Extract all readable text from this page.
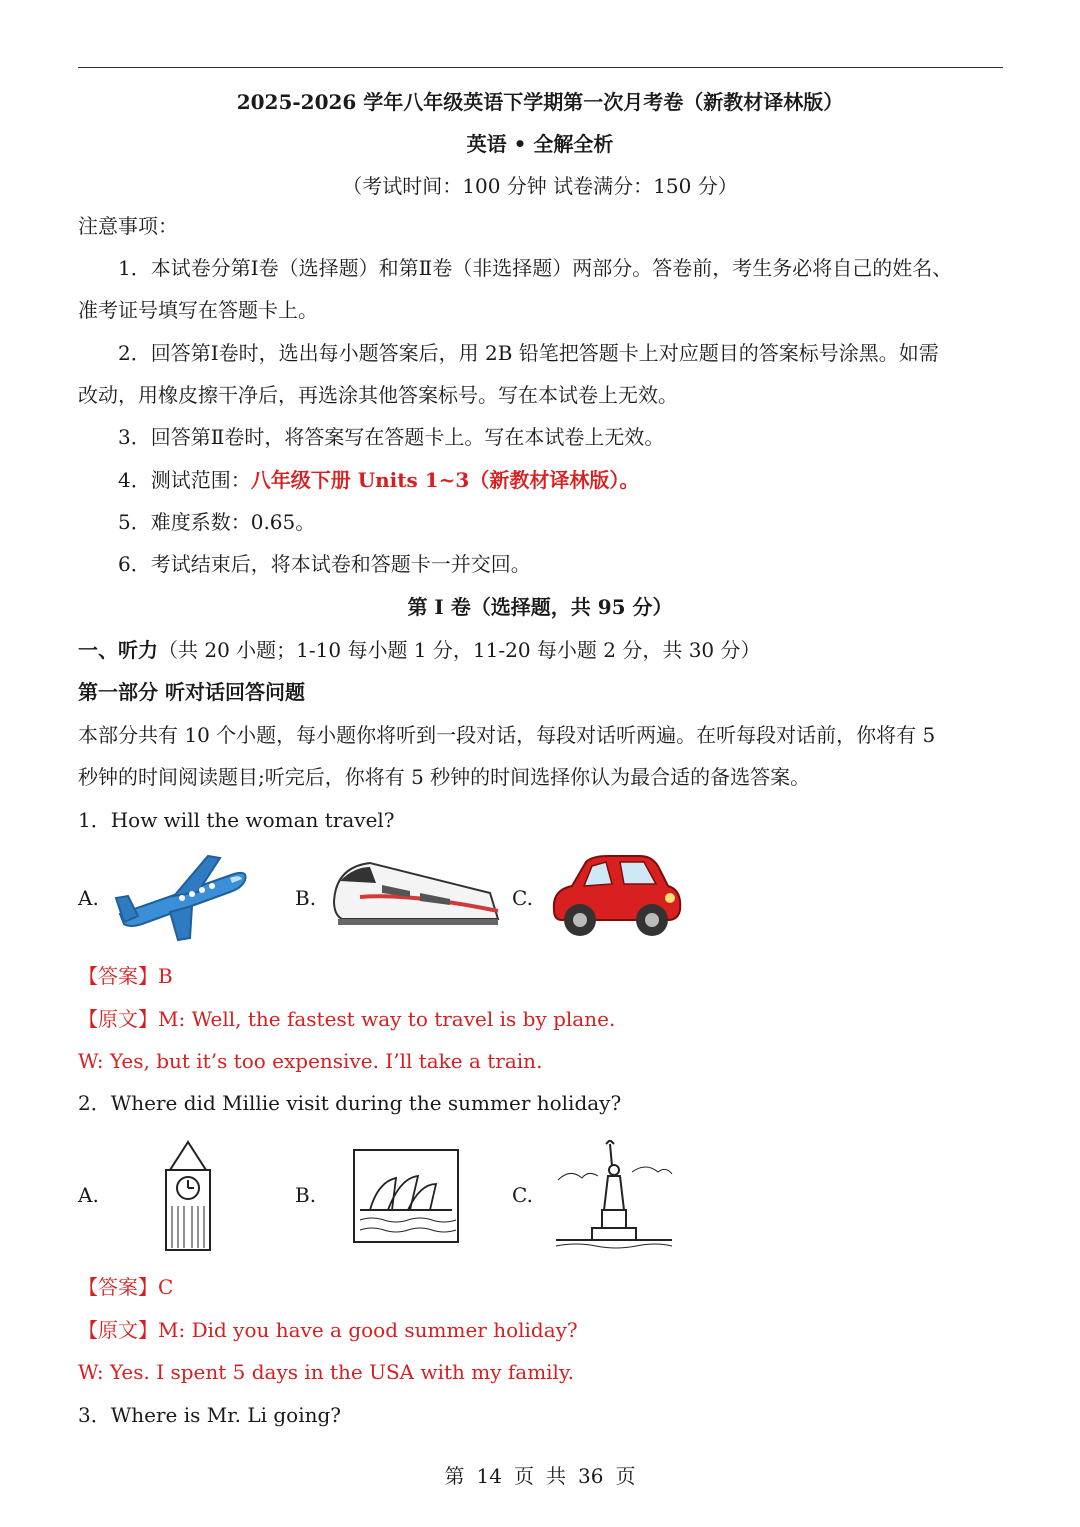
2025-2026 学年八年级英语下学期第一次月考卷（新教材译林版）
英语 • 全解全析
（考试时间：100 分钟 试卷满分：150 分）
注意事项：
1．本试卷分第Ⅰ卷（选择题）和第Ⅱ卷（非选择题）两部分。答卷前，考生务必将自己的姓名、
准考证号填写在答题卡上。
2．回答第Ⅰ卷时，选出每小题答案后，用 2B 铅笔把答题卡上对应题目的答案标号涂黑。如需
改动，用橡皮擦干净后，再选涂其他答案标号。写在本试卷上无效。
3．回答第Ⅱ卷时，将答案写在答题卡上。写在本试卷上无效。
4．测试范围：八年级下册 Units 1~3（新教材译林版）。
5．难度系数：0.65。
6．考试结束后，将本试卷和答题卡一并交回。
第 I 卷（选择题，共 95 分）
一、听力（共 20 小题；1-10 每小题 1 分，11-20 每小题 2 分，共 30 分）
第一部分 听对话回答问题
本部分共有 10 个小题，每小题你将听到一段对话，每段对话听两遍。在听每段对话前，你将有 5
秒钟的时间阅读题目;听完后，你将有 5 秒钟的时间选择你认为最合适的备选答案。
1．How will the woman travel?
A.	B.	C.
【答案】B
【原文】M: Well, the fastest way to travel is by plane.
W: Yes, but it’s too expensive. I’ll take a train.
2．Where did Millie visit during the summer holiday?
A.	B.	C.
【答案】C
【原文】M: Did you have a good summer holiday?
W: Yes. I spent 5 days in the USA with my family.
3．Where is Mr. Li going?
第 14 页 共 36 页
